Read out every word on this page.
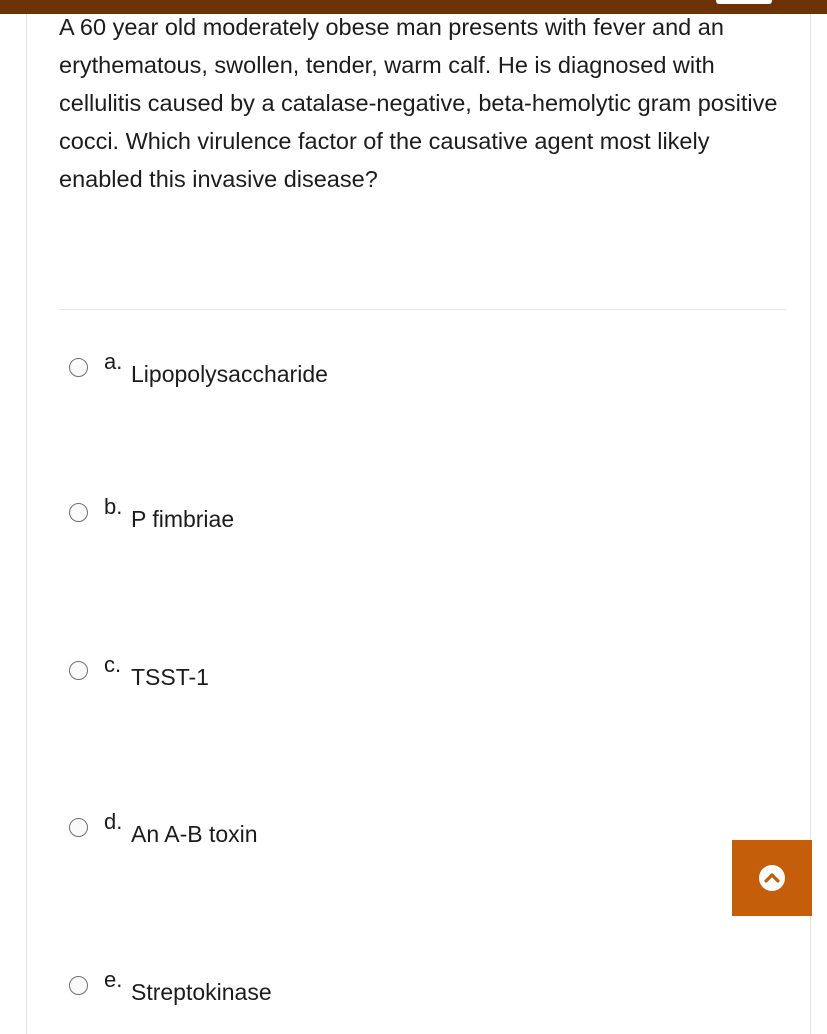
A 60 year old moderately obese man presents with fever and an erythematous, swollen, tender, warm calf. He is diagnosed with cellulitis caused by a catalase-negative, beta-hemolytic gram positive cocci. Which virulence factor of the causative agent most likely enabled this invasive disease?

a. Lipopolysaccharide
b. P fimbriae
c. TSST-1
d. An A-B toxin
e. Streptokinase
